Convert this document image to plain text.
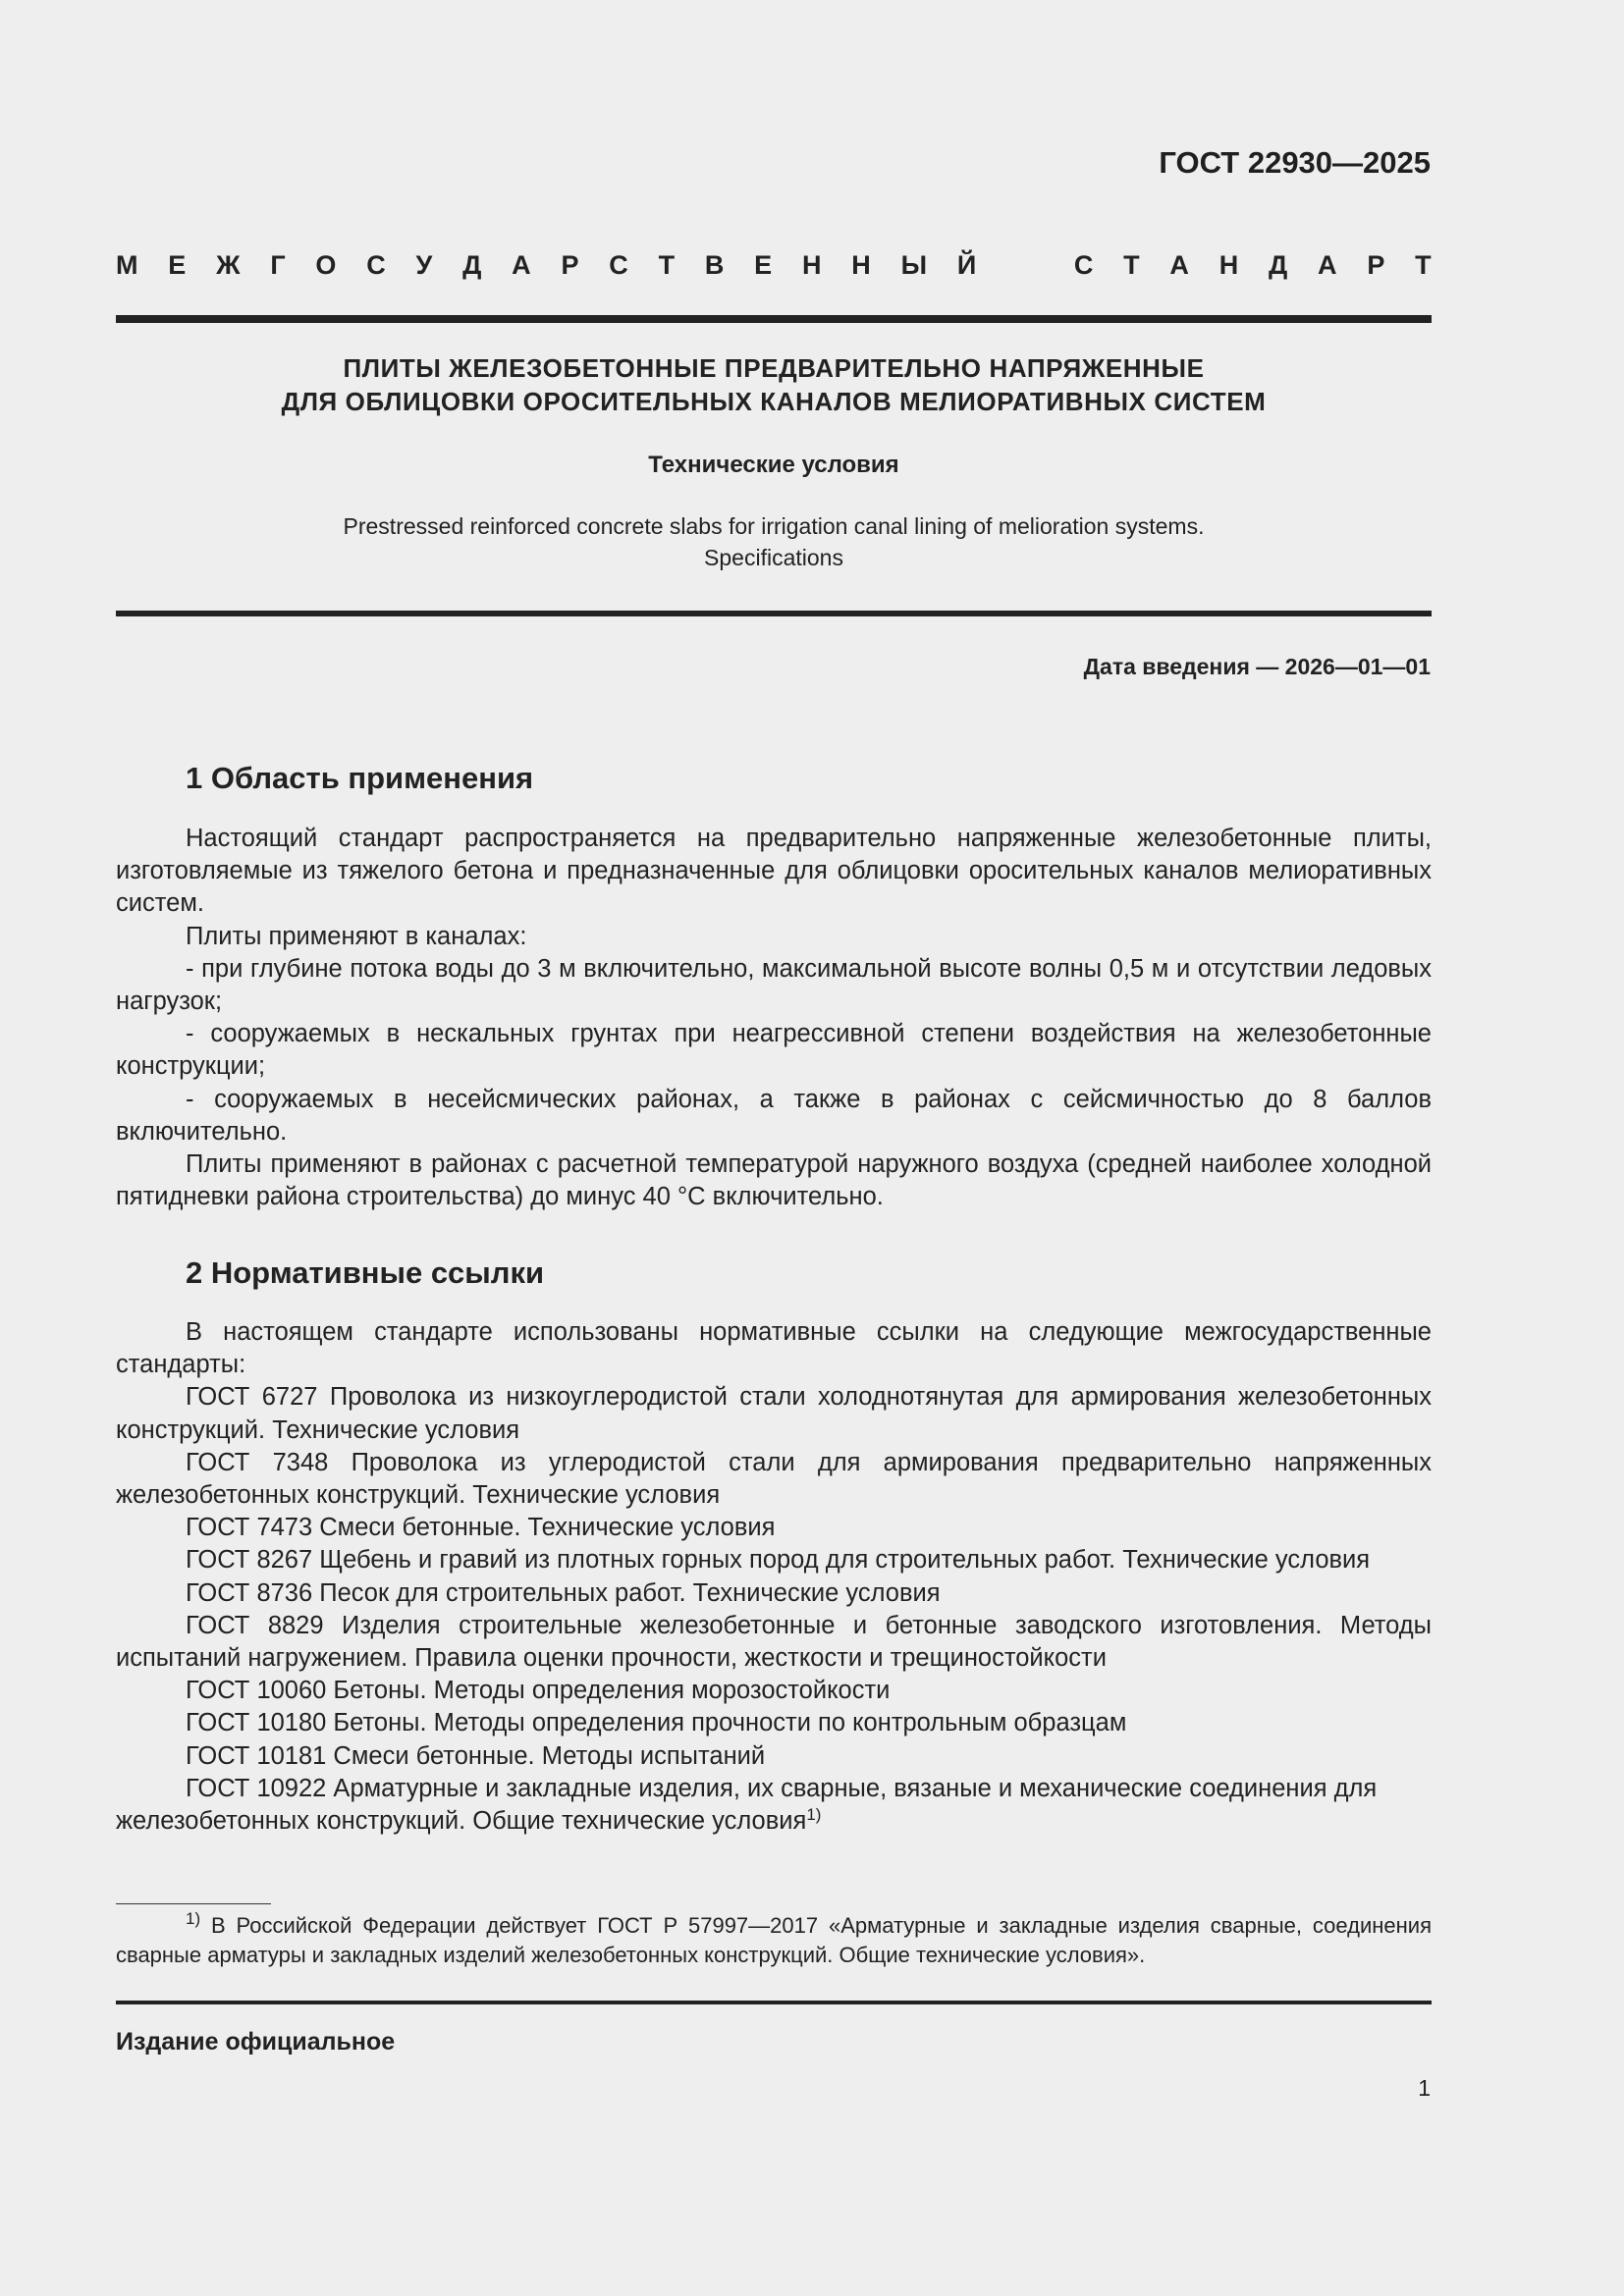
ГОСТ 22930—2025
М Е Ж Г О С У Д А Р С Т В Е Н Н Ы Й	С Т А Н Д А Р Т
ПЛИТЫ ЖЕЛЕЗОБЕТОННЫЕ ПРЕДВАРИТЕЛЬНО НАПРЯЖЕННЫЕ
ДЛЯ ОБЛИЦОВКИ ОРОСИТЕЛЬНЫХ КАНАЛОВ МЕЛИОРАТИВНЫХ СИСТЕМ
Технические условия
Prestressed reinforced concrete slabs for irrigation canal lining of melioration systems.
Specifications
Дата введения — 2026—01—01
1 Область применения

Настоящий стандарт распространяется на предварительно напряженные железобетонные плиты, изготовляемые из тяжелого бетона и предназначенные для облицовки оросительных каналов мелиоративных систем.

Плиты применяют в каналах:

- при глубине потока воды до 3 м включительно, максимальной высоте волны 0,5 м и отсутствии ледовых нагрузок;

- сооружаемых в нескальных грунтах при неагрессивной степени воздействия на железобетонные конструкции;

- сооружаемых в несейсмических районах, а также в районах с сейсмичностью до 8 баллов включительно.

Плиты применяют в районах с расчетной температурой наружного воздуха (средней наиболее холодной пятидневки района строительства) до минус 40 °С включительно.

2 Нормативные ссылки

В настоящем стандарте использованы нормативные ссылки на следующие межгосударственные стандарты:

ГОСТ 6727 Проволока из низкоуглеродистой стали холоднотянутая для армирования железобетонных конструкций. Технические условия

ГОСТ 7348 Проволока из углеродистой стали для армирования предварительно напряженных железобетонных конструкций. Технические условия

ГОСТ 7473 Смеси бетонные. Технические условия

ГОСТ 8267 Щебень и гравий из плотных горных пород для строительных работ. Технические условия

ГОСТ 8736 Песок для строительных работ. Технические условия

ГОСТ 8829 Изделия строительные железобетонные и бетонные заводского изготовления. Методы испытаний нагружением. Правила оценки прочности, жесткости и трещиностойкости

ГОСТ 10060 Бетоны. Методы определения морозостойкости

ГОСТ 10180 Бетоны. Методы определения прочности по контрольным образцам

ГОСТ 10181 Смеси бетонные. Методы испытаний

ГОСТ 10922 Арматурные и закладные изделия, их сварные, вязаные и механические соединения для железобетонных конструкций. Общие технические условия$^{1)}$

$^{1)}$ В Российской Федерации действует ГОСТ Р 57997—2017 «Арматурные и закладные изделия сварные, соединения сварные арматуры и закладных изделий железобетонных конструкций. Общие технические условия».

Издание официальное
1
